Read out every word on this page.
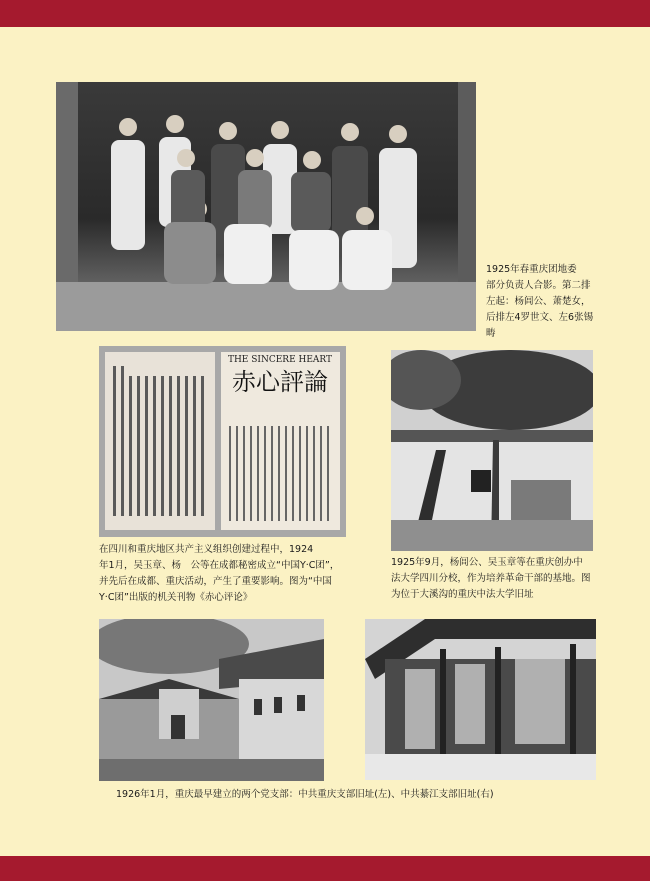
1925年春重庆团地委
部分负责人合影。第二排
左起：杨闾公、萧楚女，
后排左4罗世文、左6张锡
畴
THE SINCERE HEART
赤心評論
在四川和重庆地区共产主义组织创建过程中，1924
年1月，吴玉章、杨　公等在成都秘密成立“中国Y·C团”，
并先后在成都、重庆活动，产生了重要影响。图为“中国
Y·C团”出版的机关刊物《赤心评论》
1925年9月，杨闾公、吴玉章等在重庆创办中
法大学四川分校，作为培养革命干部的基地。图
为位于大溪沟的重庆中法大学旧址
1926年1月，重庆最早建立的两个党支部：中共重庆支部旧址(左)、中共綦江支部旧址(右)
